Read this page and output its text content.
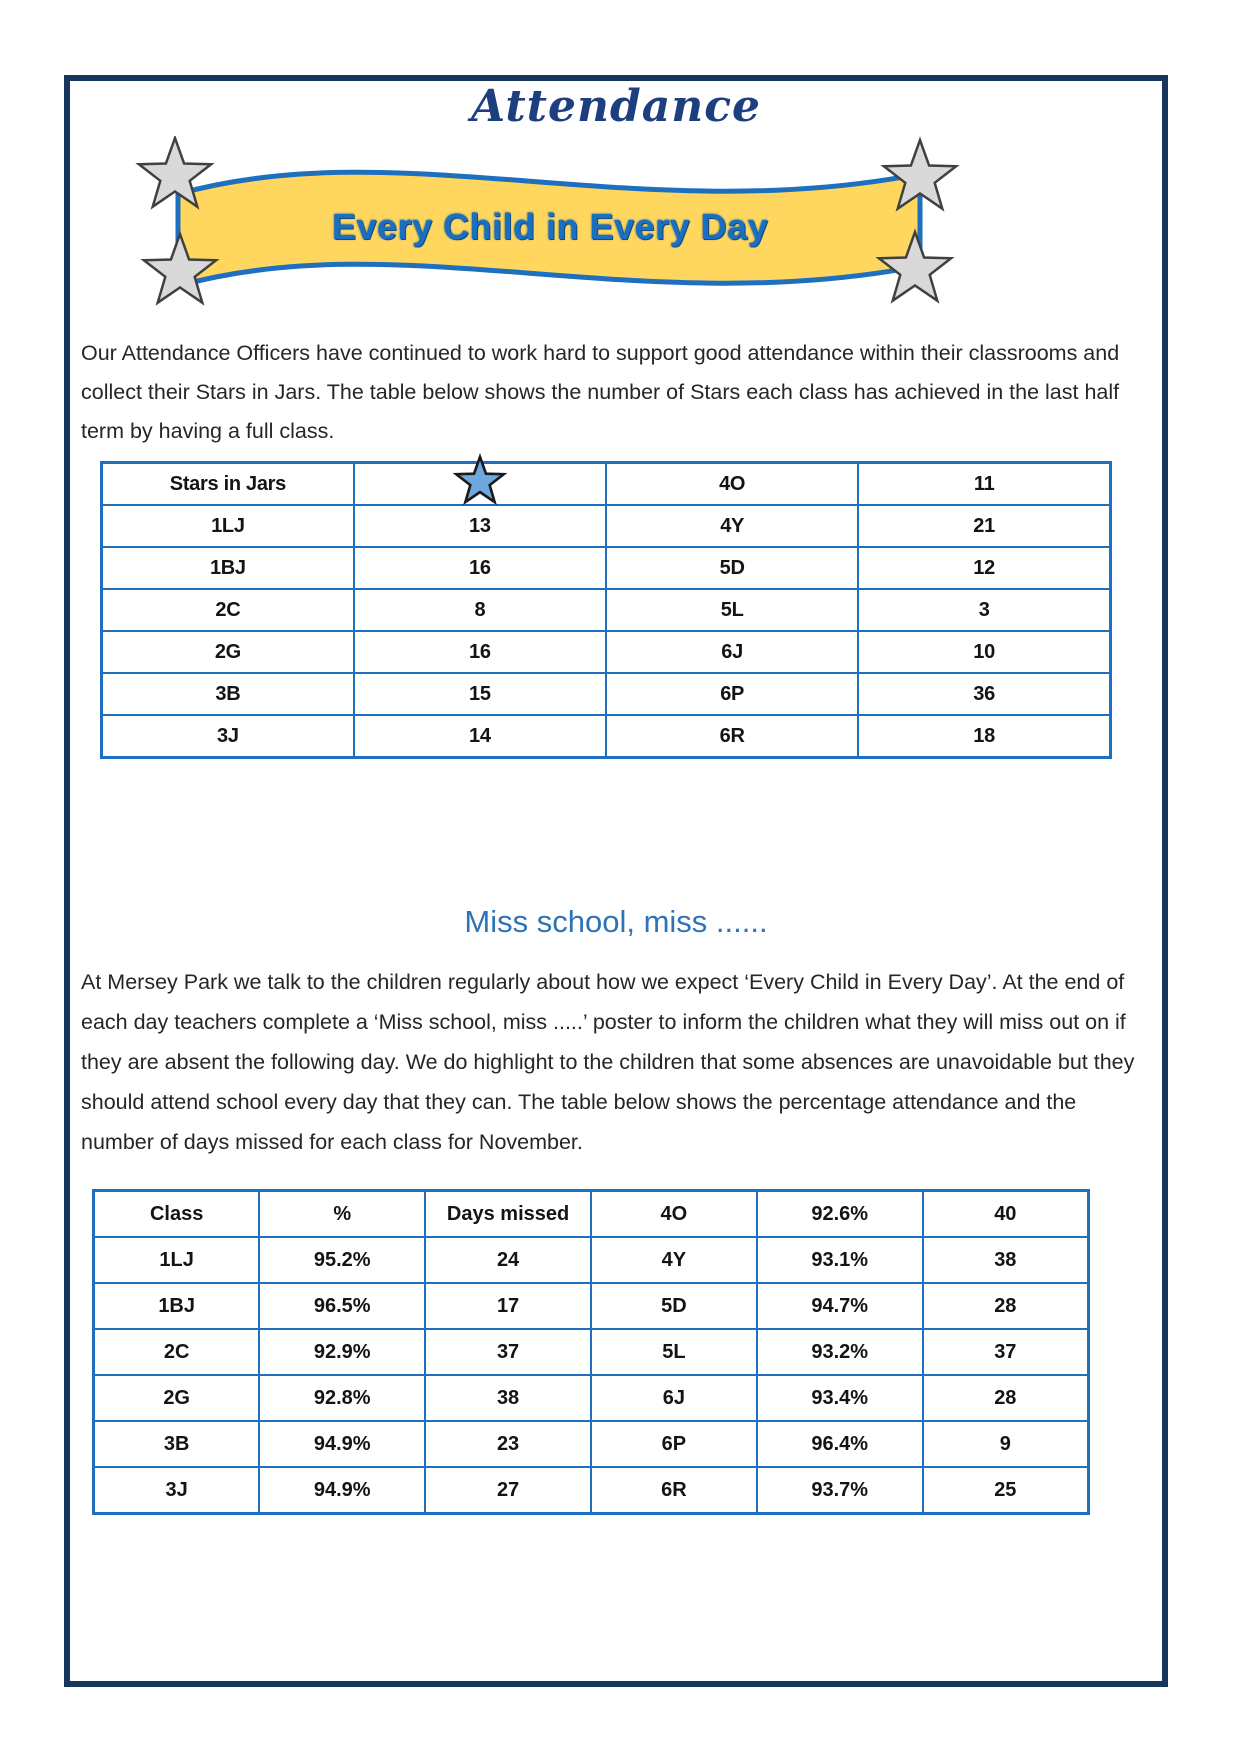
Attendance
Every Child in Every Day
Our Attendance Officers have continued to work hard to support good attendance within their classrooms and collect their Stars in Jars. The table below shows the number of Stars each class has achieved in the last half term by having a full class.
Stars in Jars		4O	11
1LJ	13	4Y	21
1BJ	16	5D	12
2C	8	5L	3
2G	16	6J	10
3B	15	6P	36
3J	14	6R	18
Miss school, miss ......
At Mersey Park we talk to the children regularly about how we expect ‘Every Child in Every Day’. At the end of each day teachers complete a ‘Miss school, miss .....’ poster to inform the children what they will miss out on if they are absent the following day. We do highlight to the children that some absences are unavoidable but they should attend school every day that they can. The table below shows the percentage attendance and the number of days missed for each class for November.
Class	%	Days missed	4O	92.6%	40
1LJ	95.2%	24	4Y	93.1%	38
1BJ	96.5%	17	5D	94.7%	28
2C	92.9%	37	5L	93.2%	37
2G	92.8%	38	6J	93.4%	28
3B	94.9%	23	6P	96.4%	9
3J	94.9%	27	6R	93.7%	25
